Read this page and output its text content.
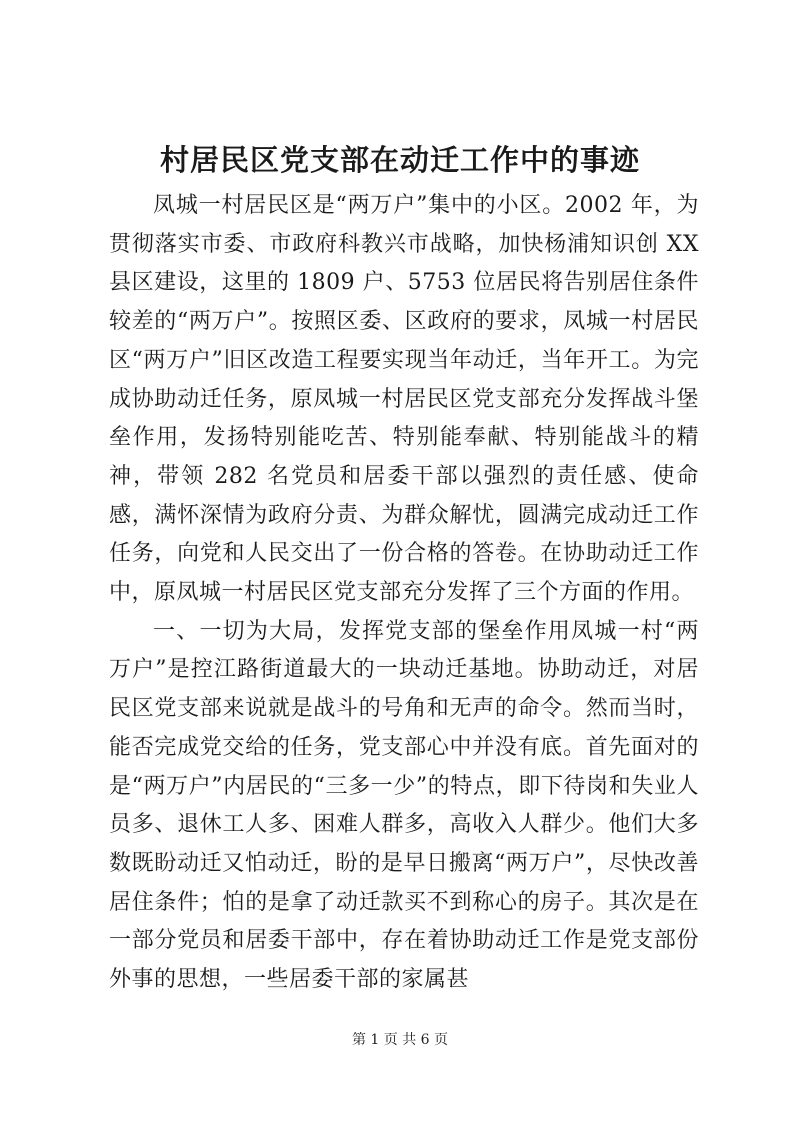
村居民区党支部在动迁工作中的事迹

凤城一村居民区是“两万户”集中的小区。2002 年，为贯彻落实市委、市政府科教兴市战略，加快杨浦知识创 XX 县区建设，这里的 1809 户、5753 位居民将告别居住条件较差的“两万户”。按照区委、区政府的要求，凤城一村居民区“两万户”旧区改造工程要实现当年动迁，当年开工。为完成协助动迁任务，原凤城一村居民区党支部充分发挥战斗堡垒作用，发扬特别能吃苦、特别能奉献、特别能战斗的精神，带领 282 名党员和居委干部以强烈的责任感、使命感，满怀深情为政府分责、为群众解忧，圆满完成动迁工作任务，向党和人民交出了一份合格的答卷。在协助动迁工作中，原凤城一村居民区党支部充分发挥了三个方面的作用。

一、一切为大局，发挥党支部的堡垒作用凤城一村“两万户”是控江路街道最大的一块动迁基地。协助动迁，对居民区党支部来说就是战斗的号角和无声的命令。然而当时，能否完成党交给的任务，党支部心中并没有底。首先面对的是“两万户”内居民的“三多一少”的特点，即下待岗和失业人员多、退休工人多、困难人群多，高收入人群少。他们大多数既盼动迁又怕动迁，盼的是早日搬离“两万户”，尽快改善居住条件；怕的是拿了动迁款买不到称心的房子。其次是在一部分党员和居委干部中，存在着协助动迁工作是党支部份外事的思想，一些居委干部的家属甚

第 1 页 共 6 页
